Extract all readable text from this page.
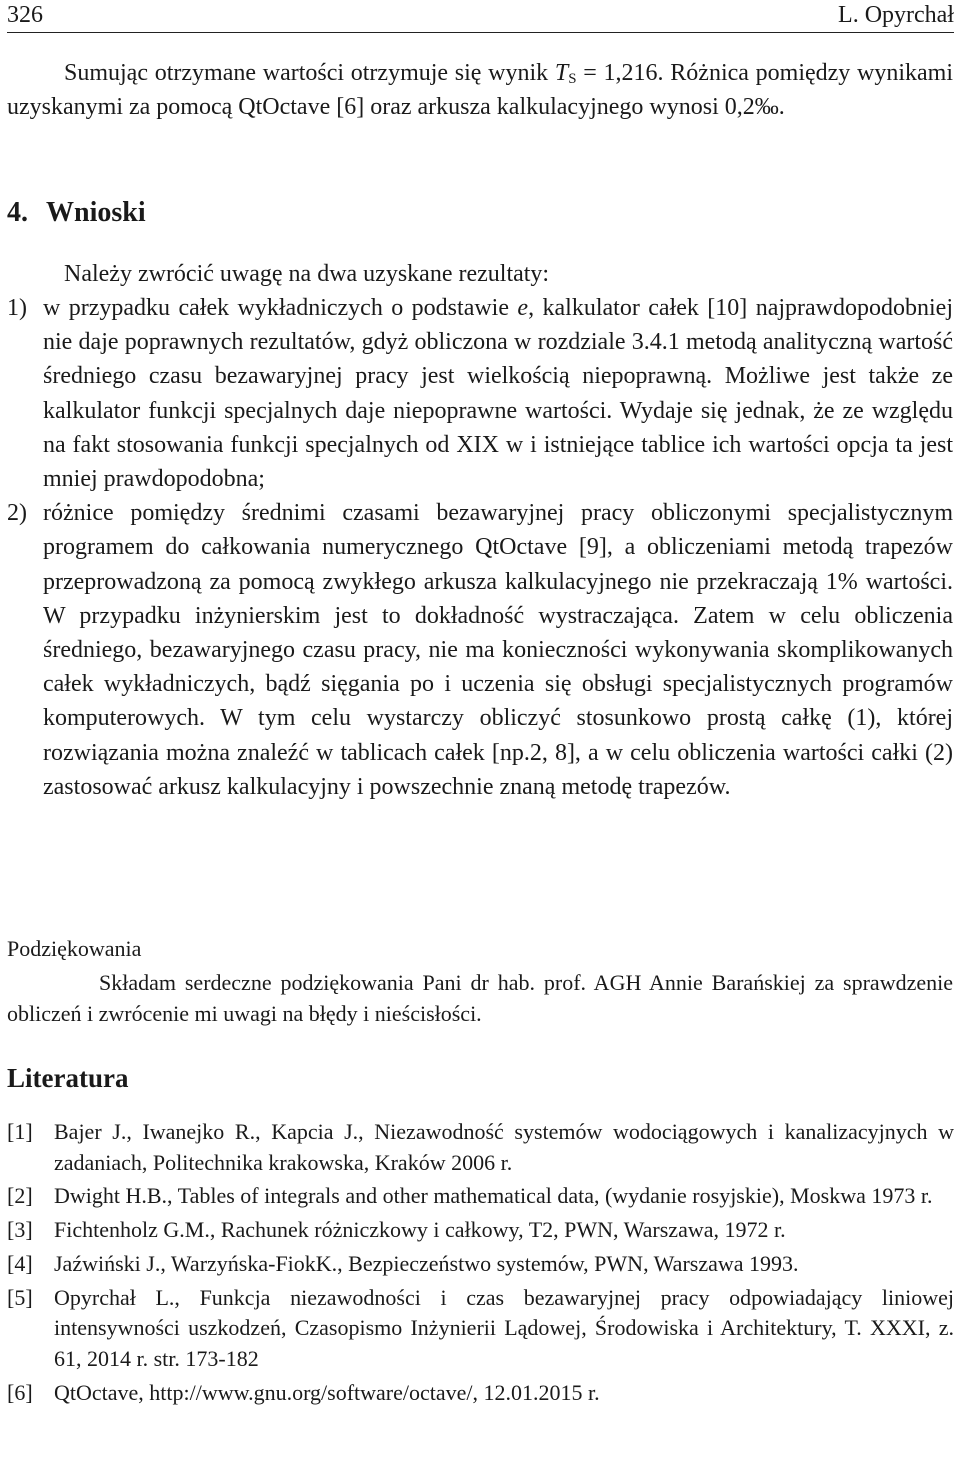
326	L. Opyrchał

Sumując otrzymane wartości otrzymuje się wynik $T_S = 1,216$. Różnica pomiędzy wynikami uzyskanymi za pomocą QtOctave [6] oraz arkusza kalkulacyjnego wynosi 0,2‰.

4. Wnioski

Należy zwrócić uwagę na dwa uzyskane rezultaty:

1) w przypadku całek wykładniczych o podstawie e, kalkulator całek [10] najprawdopodobniej nie daje poprawnych rezultatów, gdyż obliczona w rozdziale 3.4.1 metodą analityczną wartość średniego czasu bezawaryjnej pracy jest wielkością niepoprawną. Możliwe jest także ze kalkulator funkcji specjalnych daje niepoprawne wartości. Wydaje się jednak, że ze względu na fakt stosowania funkcji specjalnych od XIX w i istniejące tablice ich wartości opcja ta jest mniej prawdopodobna;
2) różnice pomiędzy średnimi czasami bezawaryjnej pracy obliczonymi specjalistycznym programem do całkowania numerycznego QtOctave [9], a obliczeniami metodą trapezów przeprowadzoną za pomocą zwykłego arkusza kalkulacyjnego nie przekraczają 1% wartości. W przypadku inżynierskim jest to dokładność wystraczająca. Zatem w celu obliczenia średniego, bezawaryjnego czasu pracy, nie ma konieczności wykonywania skomplikowanych całek wykładniczych, bądź sięgania po i uczenia się obsługi specjalistycznych programów komputerowych. W tym celu wystarczy obliczyć stosunkowo prostą całkę (1), której rozwiązania można znaleźć w tablicach całek [np.2, 8], a w celu obliczenia wartości całki (2) zastosować arkusz kalkulacyjny i powszechnie znaną metodę trapezów.
Podziękowania

Składam serdeczne podziękowania Pani dr hab. prof. AGH Annie Barańskiej za sprawdzenie obliczeń i zwrócenie mi uwagi na błędy i nieścisłości.

Literatura
[1] Bajer J., Iwanejko R., Kapcia J., Niezawodność systemów wodociągowych i kanalizacyjnych w zadaniach, Politechnika krakowska, Kraków 2006 r.
[2] Dwight H.B., Tables of integrals and other mathematical data, (wydanie rosyjskie), Moskwa 1973 r.
[3] Fichtenholz G.M., Rachunek różniczkowy i całkowy, T2, PWN, Warszawa, 1972 r.
[4] Jaźwiński J., Warzyńska-FiokK., Bezpieczeństwo systemów, PWN, Warszawa 1993.
[5] Opyrchał L., Funkcja niezawodności i czas bezawaryjnej pracy odpowiadający liniowej intensywności uszkodzeń, Czasopismo Inżynierii Lądowej, Środowiska i Architektury, T. XXXI, z. 61, 2014 r. str. 173-182
[6] QtOctave, http://www.gnu.org/software/octave/, 12.01.2015 r.
